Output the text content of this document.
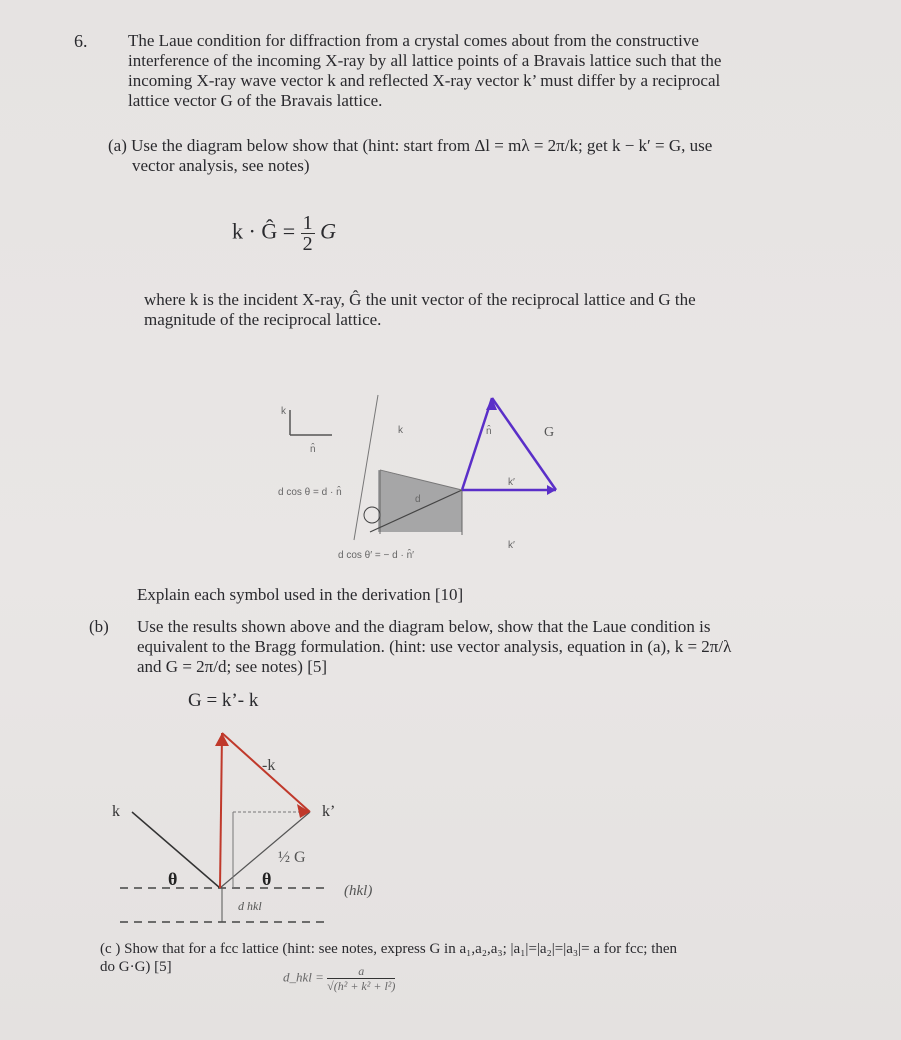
6. The Laue condition for diffraction from a crystal comes about from the constructive
interference of the incoming X-ray by all lattice points of a Bravais lattice such that the
incoming X-ray wave vector k and reflected X-ray vector k’ must differ by a reciprocal
lattice vector G of the Bravais lattice.
(a) Use the diagram below show that (hint: start from Δl = mλ = 2π/k; get k − k′ = G, use
vector analysis, see notes)
k · Ĝ = $\frac{1}{2}$ G
where k is the incident X-ray, Ĝ the unit vector of the reciprocal lattice and G the
magnitude of the reciprocal lattice.
k
n̂
d cos θ = d · n̂
d
k
k′
k′
d cos θ′ = − d · n̂′
G
n̂
Explain each symbol used in the derivation [10]
(b) Use the results shown above and the diagram below, show that the Laue condition is
equivalent to the Bragg formulation. (hint: use vector analysis, equation in (a), k = 2π/λ
and G = 2π/d; see notes) [5]
G = k’- k
-k
k	k’
½ G
θ	θ
(hkl)
d hkl
(c ) Show that for a fcc lattice (hint: see notes, express G in a₁,a₂,a₃; |a₁|=|a₂|=|a₃|= a for fcc; then
do G·G) [5]
d_hkl = $\frac{a}{\text{√(h² + k² + l²)}}$
